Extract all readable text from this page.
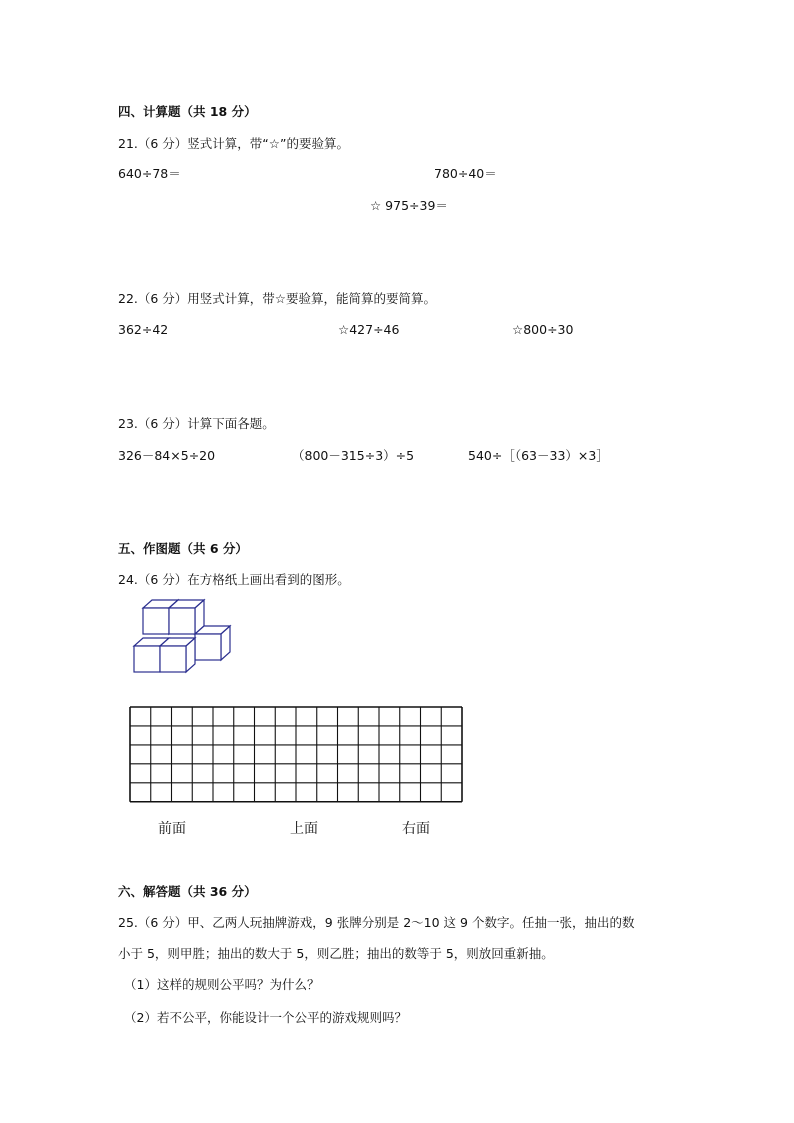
四、计算题（共 18 分）
21.（6 分）竖式计算，带“☆”的要验算。
640÷78＝	780÷40＝
☆ 975÷39＝
22.（6 分）用竖式计算，带☆要验算，能简算的要简算。
362÷42	☆427÷46	☆800÷30
23.（6 分）计算下面各题。
326－84×5÷20	（800－315÷3）÷5	540÷［（63－33）×3］
五、作图题（共 6 分）
24.（6 分）在方格纸上画出看到的图形。
前面	上面	右面
六、解答题（共 36 分）
25.（6 分）甲、乙两人玩抽牌游戏，9 张牌分别是 2～10 这 9 个数字。任抽一张，抽出的数
小于 5，则甲胜；抽出的数大于 5，则乙胜；抽出的数等于 5，则放回重新抽。
（1）这样的规则公平吗？为什么？
（2）若不公平，你能设计一个公平的游戏规则吗？
